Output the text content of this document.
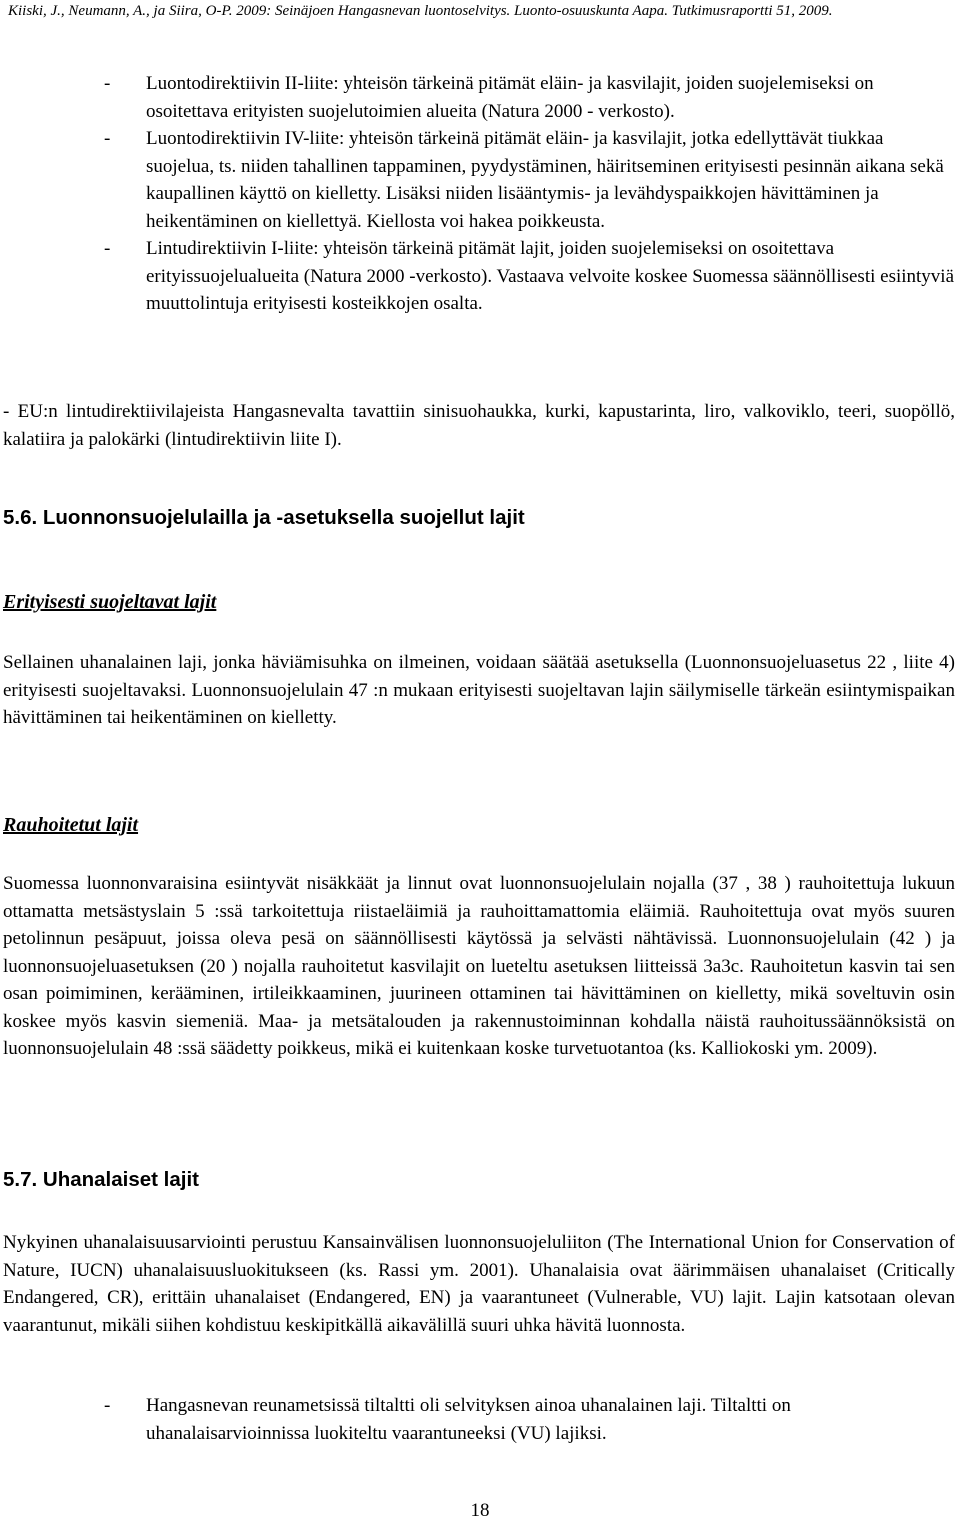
Kiiski, J., Neumann, A., ja Siira, O-P. 2009: Seinäjoen Hangasnevan luontoselvitys. Luonto-osuuskunta Aapa. Tutkimusraportti 51, 2009.
- Luontodirektiivin II-liite: yhteisön tärkeinä pitämät eläin- ja kasvilajit, joiden suojelemiseksi on osoitettava erityisten suojelutoimien alueita (Natura 2000 - verkosto).
- Luontodirektiivin IV-liite: yhteisön tärkeinä pitämät eläin- ja kasvilajit, jotka edellyttävät tiukkaa suojelua, ts. niiden tahallinen tappaminen, pyydystäminen, häiritseminen erityisesti pesinnän aikana sekä kaupallinen käyttö on kielletty. Lisäksi niiden lisääntymis- ja levähdyspaikkojen hävittäminen ja heikentäminen on kiellettyä. Kiellosta voi hakea poikkeusta.
- Lintudirektiivin I-liite: yhteisön tärkeinä pitämät lajit, joiden suojelemiseksi on osoitettava erityissuojelualueita (Natura 2000 -verkosto). Vastaava velvoite koskee Suomessa säännöllisesti esiintyviä muuttolintuja erityisesti kosteikkojen osalta.

- EU:n lintudirektiivilajeista Hangasnevalta tavattiin sinisuohaukka, kurki, kapustarinta, liro, valkoviklo, teeri, suopöllö, kalatiira ja palokärki (lintudirektiivin liite I).

5.6. Luonnonsuojelulailla ja -asetuksella suojellut lajit
Erityisesti suojeltavat lajit

Sellainen uhanalainen laji, jonka häviämisuhka on ilmeinen, voidaan säätää asetuksella (Luonnonsuojeluasetus 22 , liite 4) erityisesti suojeltavaksi. Luonnonsuojelulain 47 :n mukaan erityisesti suojeltavan lajin säilymiselle tärkeän esiintymispaikan hävittäminen tai heikentäminen on kielletty.

Rauhoitetut lajit

Suomessa luonnonvaraisina esiintyvät nisäkkäät ja linnut ovat luonnonsuojelulain nojalla (37 , 38 ) rauhoitettuja lukuun ottamatta metsästyslain 5 :ssä tarkoitettuja riistaeläimiä ja rauhoittamattomia eläimiä. Rauhoitettuja ovat myös suuren petolinnun pesäpuut, joissa oleva pesä on säännöllisesti käytössä ja selvästi nähtävissä. Luonnonsuojelulain (42 ) ja luonnonsuojeluasetuksen (20 ) nojalla rauhoitetut kasvilajit on lueteltu asetuksen liitteissä 3a3c. Rauhoitetun kasvin tai sen osan poimiminen, kerääminen, irtileikkaaminen, juurineen ottaminen tai hävittäminen on kielletty, mikä soveltuvin osin koskee myös kasvin siemeniä. Maa- ja metsätalouden ja rakennustoiminnan kohdalla näistä rauhoitussäännöksistä on luonnonsuojelulain 48 :ssä säädetty poikkeus, mikä ei kuitenkaan koske turvetuotantoa (ks. Kalliokoski ym. 2009).

5.7. Uhanalaiset lajit

Nykyinen uhanalaisuusarviointi perustuu Kansainvälisen luonnonsuojeluliiton (The International Union for Conservation of Nature, IUCN) uhanalaisuusluokitukseen (ks. Rassi ym. 2001). Uhanalaisia ovat äärimmäisen uhanalaiset (Critically Endangered, CR), erittäin uhanalaiset (Endangered, EN) ja vaarantuneet (Vulnerable, VU) lajit. Lajin katsotaan olevan vaarantunut, mikäli siihen kohdistuu keskipitkällä aikavälillä suuri uhka hävitä luonnosta.

- Hangasnevan reunametsissä tiltaltti oli selvityksen ainoa uhanalainen laji. Tiltaltti on uhanalaisarvioinnissa luokiteltu vaarantuneeksi (VU) lajiksi.
18
